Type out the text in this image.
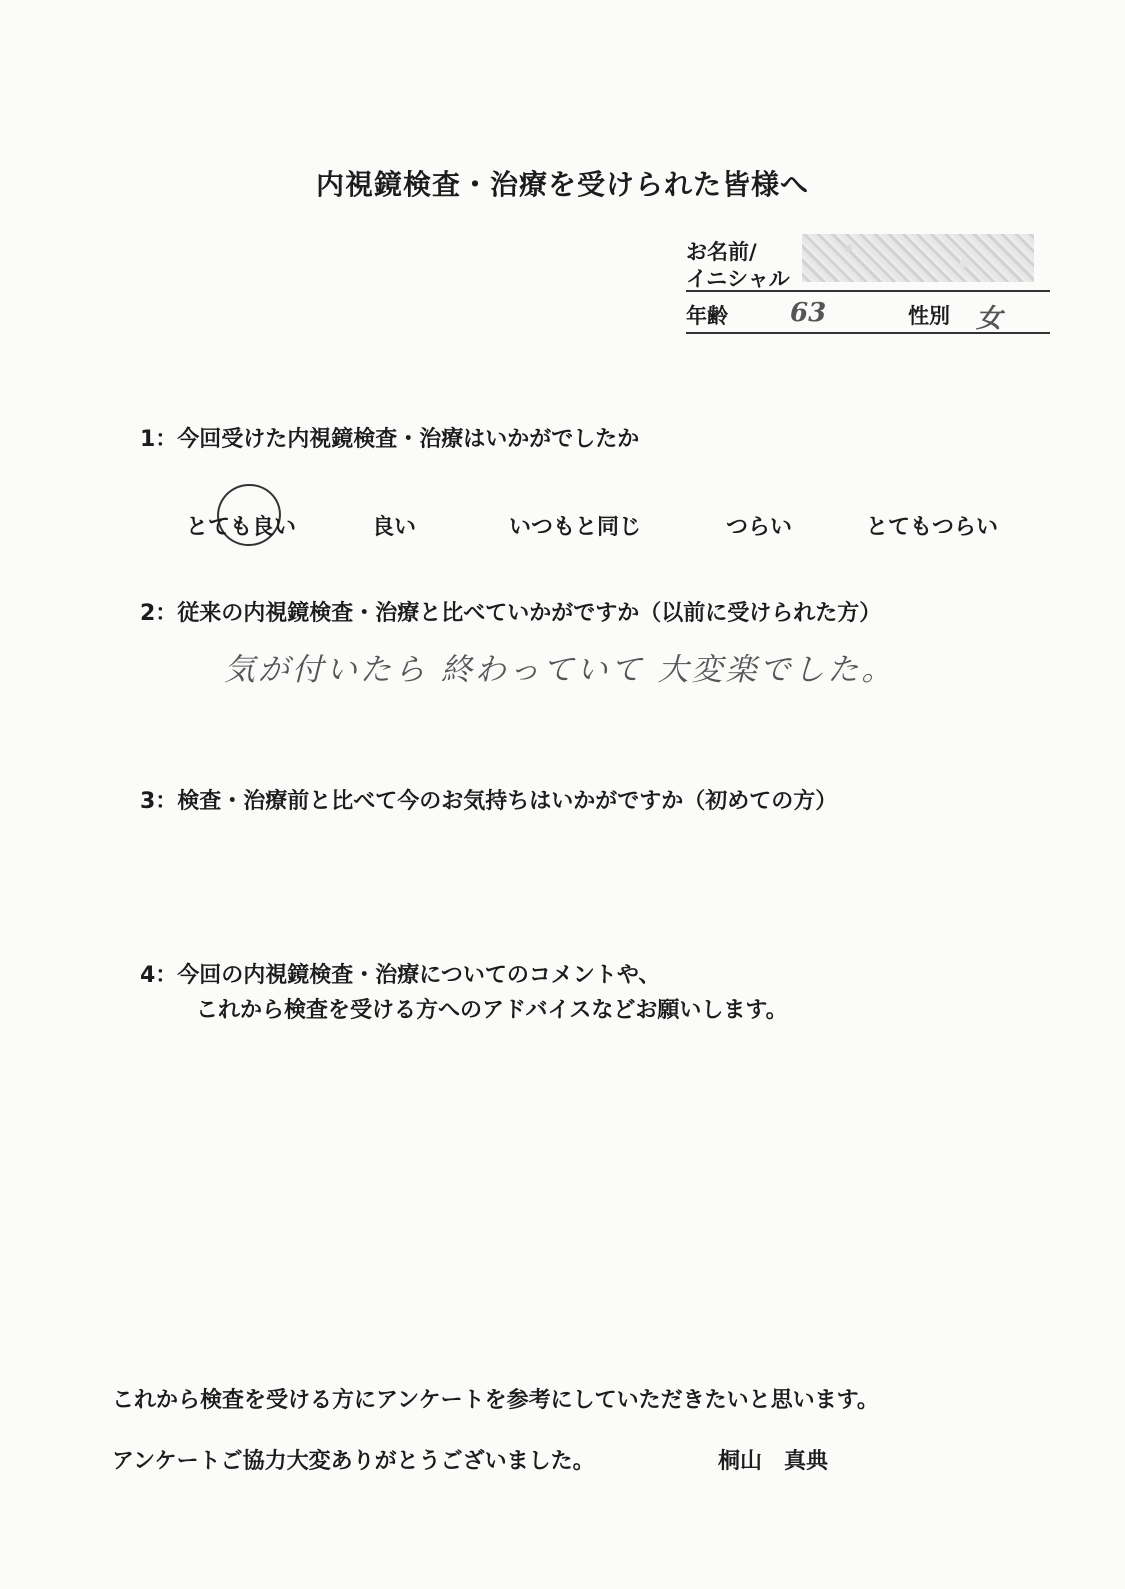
内視鏡検査・治療を受けられた皆様へ
お名前/
イニシャル
年齢 63	性別 女
1：今回受けた内視鏡検査・治療はいかがでしたか
とても良い	良い	いつもと同じ	つらい	とてもつらい
2：従来の内視鏡検査・治療と比べていかがですか（以前に受けられた方）
気が付いたら 終わっていて 大変楽でした。
3：検査・治療前と比べて今のお気持ちはいかがですか（初めての方）
4：今回の内視鏡検査・治療についてのコメントや、
これから検査を受ける方へのアドバイスなどお願いします。
これから検査を受ける方にアンケートを参考にしていただきたいと思います。
アンケートご協力大変ありがとうございました。	桐山　真典
